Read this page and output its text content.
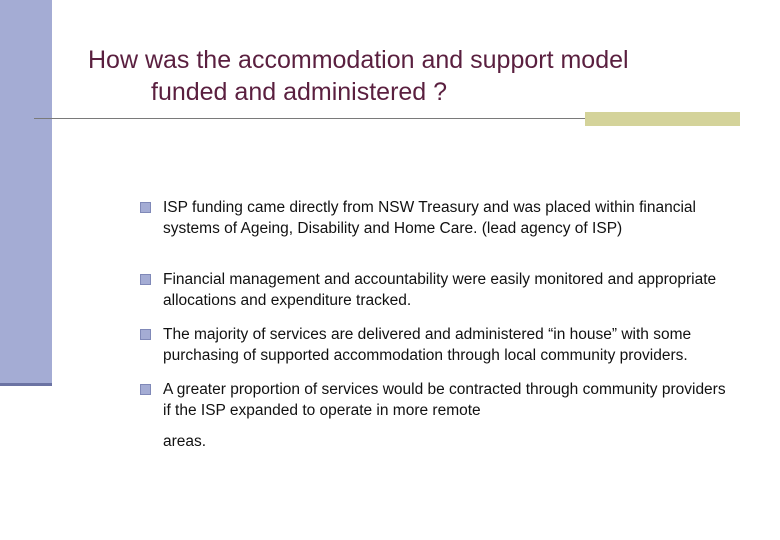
How was the accommodation and support model
funded and administered ?
ISP funding came directly from NSW Treasury and was placed within financial systems of Ageing, Disability and Home Care. (lead agency of ISP)
Financial management and accountability were easily monitored and appropriate allocations and expenditure tracked.
The majority of services are delivered and administered “in house” with some purchasing of supported accommodation through local community providers.
A greater proportion of services would be contracted through community providers if the ISP expanded to operate in more remote
areas.
